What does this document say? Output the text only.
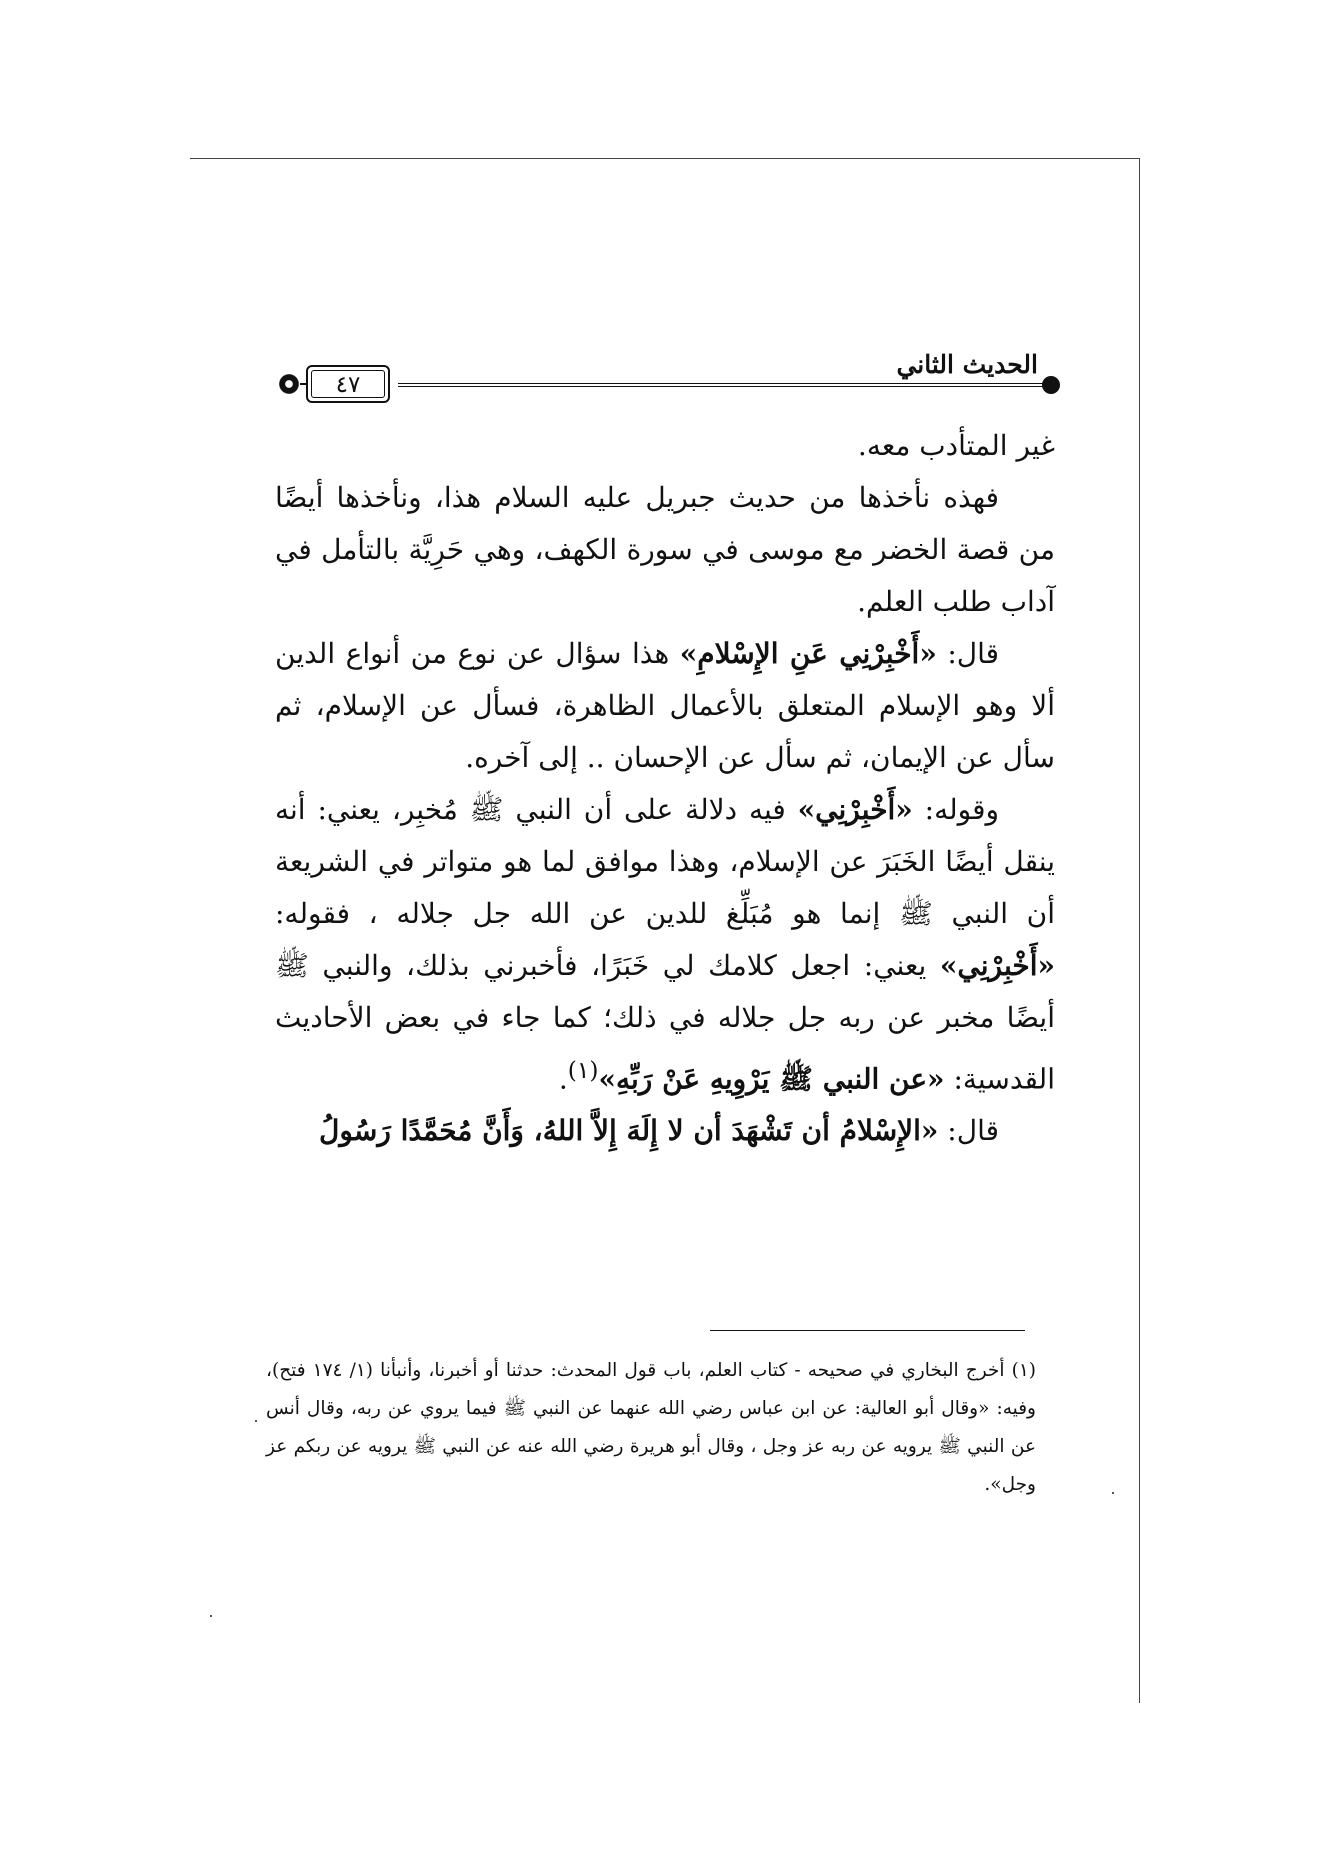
٤٧
الحديث الثاني

غير المتأدب معه.

فهذه نأخذها من حديث جبريل عليه السلام هذا، ونأخذها أيضًا من قصة الخضر مع موسى في سورة الكهف، وهي حَرِيَّة بالتأمل في آداب طلب العلم.

قال: «أَخْبِرْنِي عَنِ الإِسْلامِ» هذا سؤال عن نوع من أنواع الدين ألا وهو الإسلام المتعلق بالأعمال الظاهرة، فسأل عن الإسلام، ثم سأل عن الإيمان، ثم سأل عن الإحسان .. إلى آخره.

وقوله: «أَخْبِرْنِي» فيه دلالة على أن النبي ﷺ مُخبِر، يعني: أنه ينقل أيضًا الخَبَرَ عن الإسلام، وهذا موافق لما هو متواتر في الشريعة أن النبي ﷺ إنما هو مُبَلِّغ للدين عن الله جل جلاله ، فقوله: «أَخْبِرْنِي» يعني: اجعل كلامك لي خَبَرًا، فأخبرني بذلك، والنبي ﷺ أيضًا مخبر عن ربه جل جلاله في ذلك؛ كما جاء في بعض الأحاديث القدسية: «عن النبي ﷺ يَرْوِيهِ عَنْ رَبِّهِ»$^{(١)}$.

قال: «الإِسْلامُ أن تَشْهَدَ أن لا إِلَهَ إِلاَّ اللهُ، وَأَنَّ مُحَمَّدًا رَسُولُ

(١) أخرج البخاري في صحيحه - كتاب العلم، باب قول المحدث: حدثنا أو أخبرنا، وأنبأنا (١/ ١٧٤ فتح)، وفيه: «وقال أبو العالية: عن ابن عباس رضي الله عنهما عن النبي ﷺ فيما يروي عن ربه، وقال أنس عن النبي ﷺ يرويه عن ربه عز وجل ، وقال أبو هريرة رضي الله عنه عن النبي ﷺ يرويه عن ربكم عز وجل».
